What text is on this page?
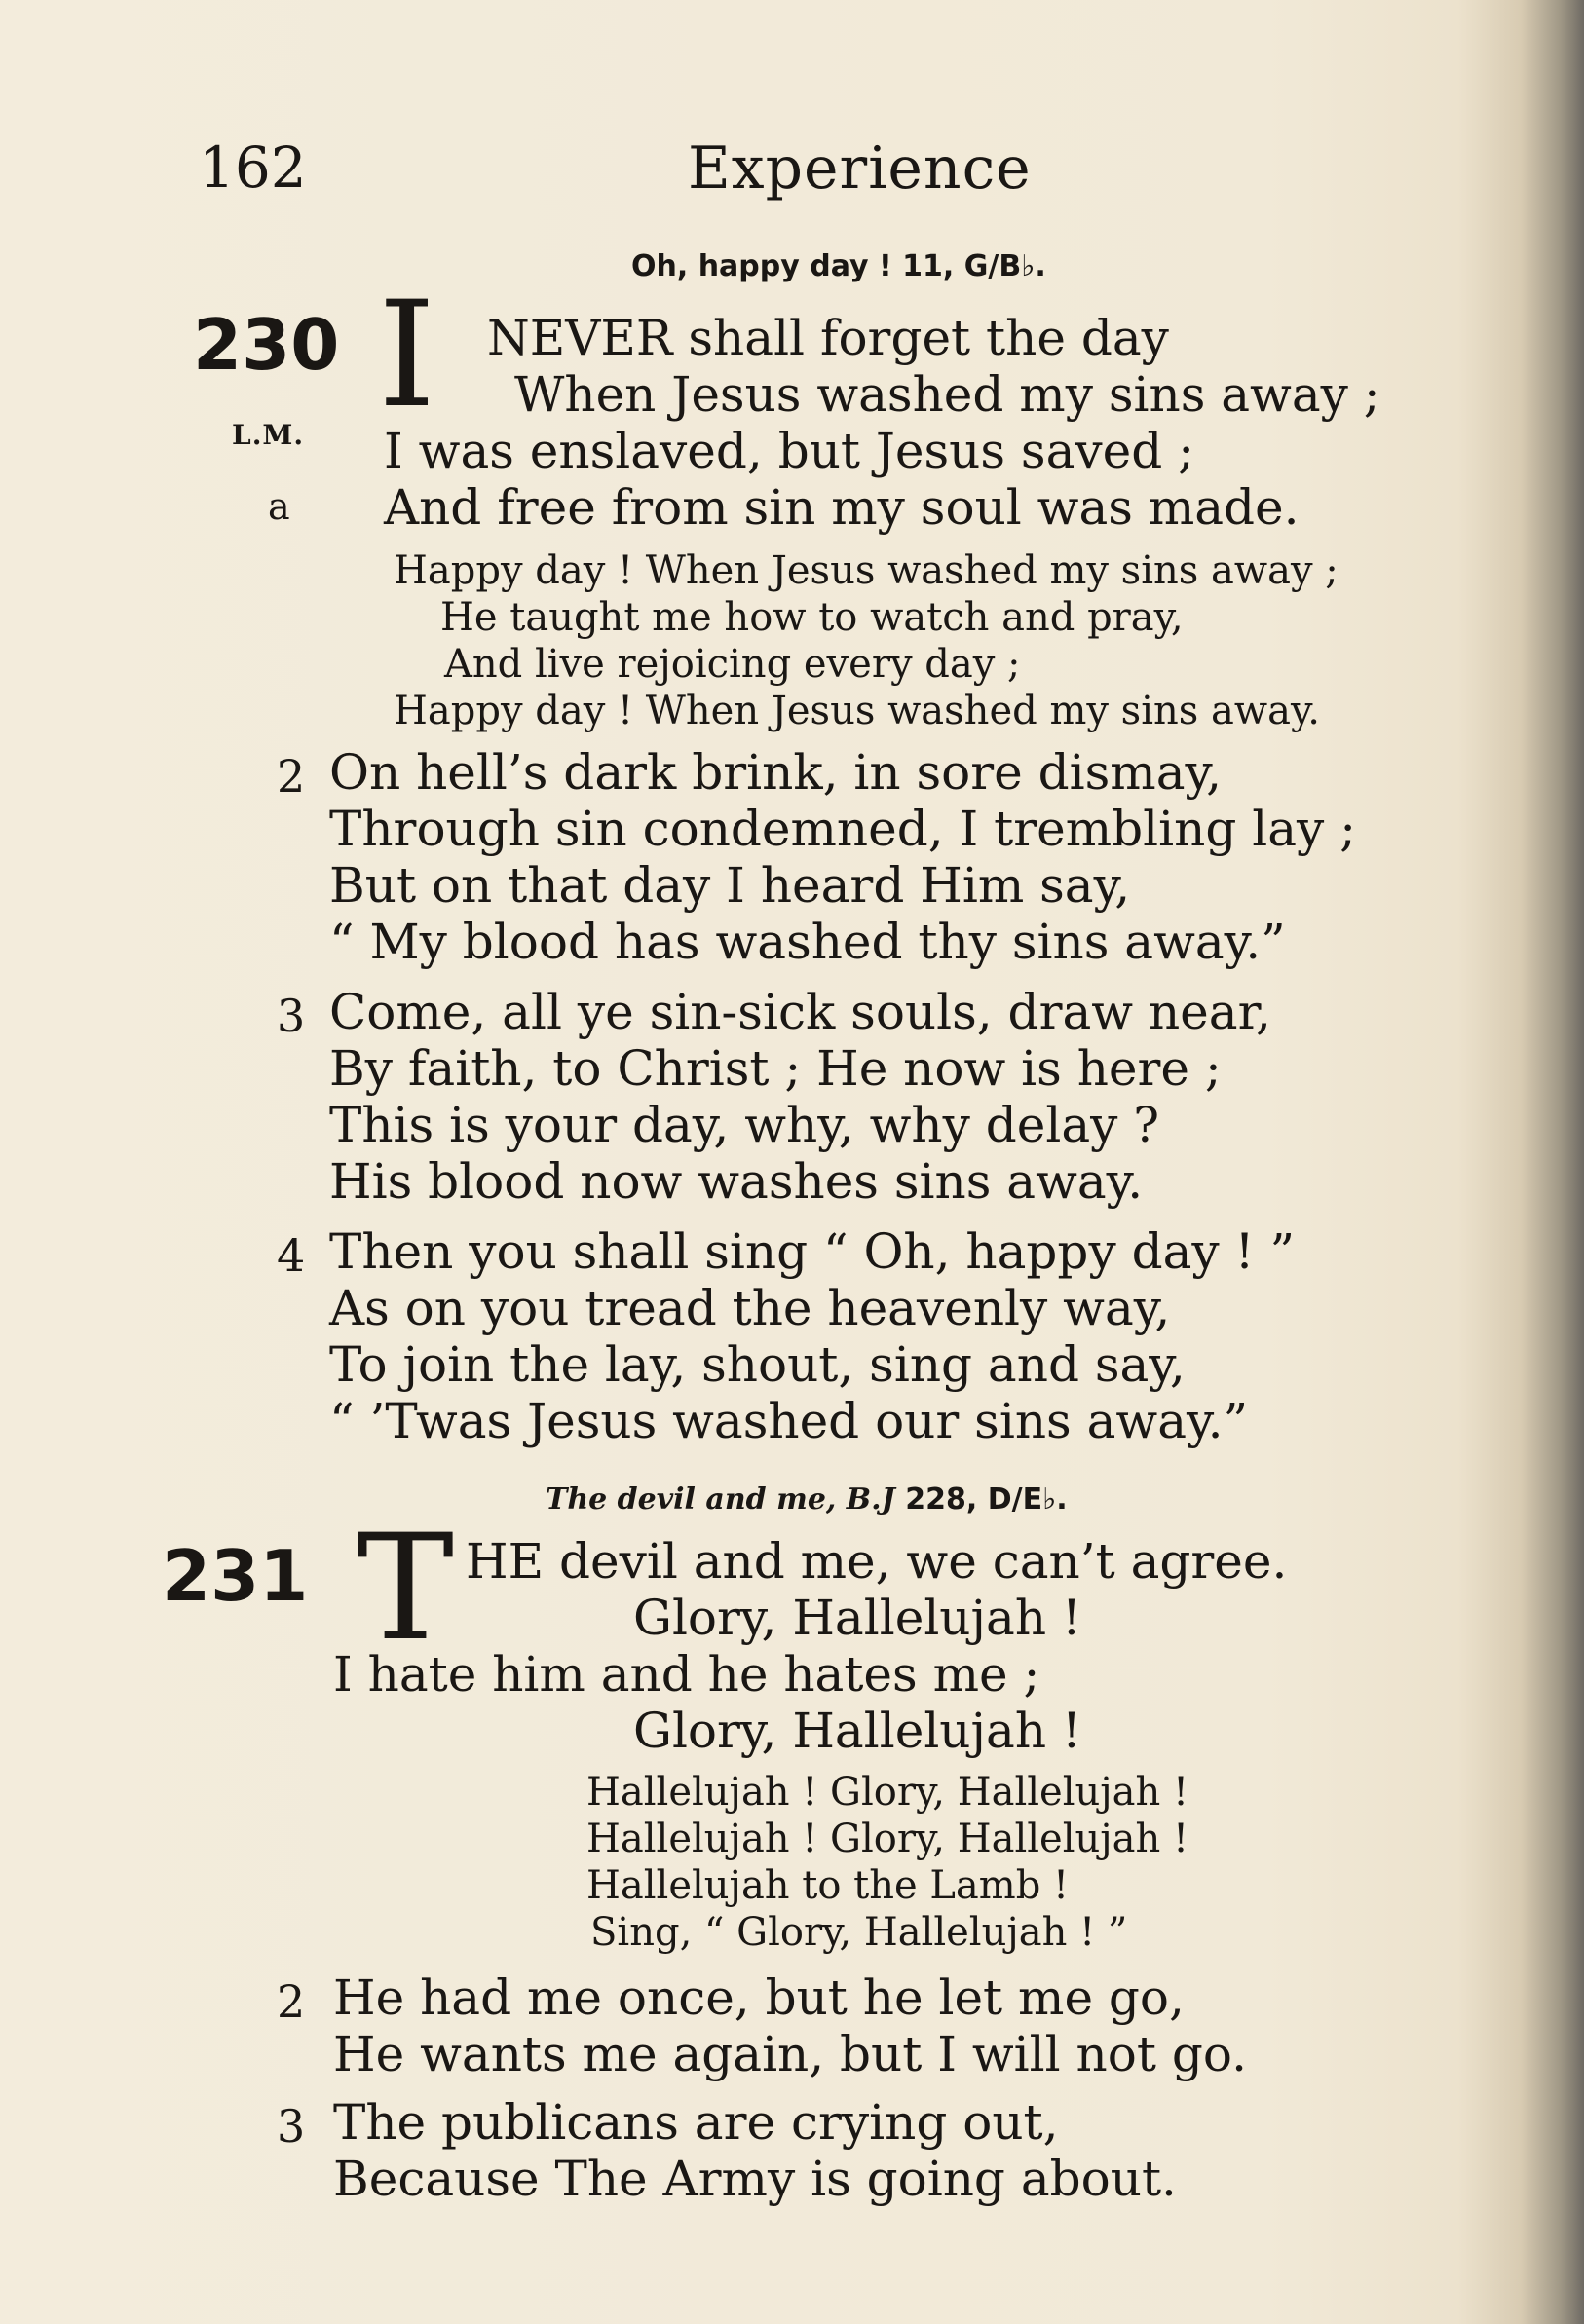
162	Experience
Oh, happy day ! 11, G/B♭.
230
L.M.
a
I NEVER shall forget the day
When Jesus washed my sins away ;
I was enslaved, but Jesus saved ;
And free from sin my soul was made.
Happy day ! When Jesus washed my sins away ;
He taught me how to watch and pray,
And live rejoicing every day ;
Happy day ! When Jesus washed my sins away.
2 On hell’s dark brink, in sore dismay,
Through sin condemned, I trembling lay ;
But on that day I heard Him say,
“ My blood has washed thy sins away.”
3 Come, all ye sin-sick souls, draw near,
By faith, to Christ ; He now is here ;
This is your day, why, why delay ?
His blood now washes sins away.
4 Then you shall sing “ Oh, happy day ! ”
As on you tread the heavenly way,
To join the lay, shout, sing and say,
“ ’Twas Jesus washed our sins away.”
The devil and me, B.J 228, D/E♭.
231 T HE devil and me, we can’t agree.
Glory, Hallelujah !
I hate him and he hates me ;
Glory, Hallelujah !
Hallelujah ! Glory, Hallelujah !
Hallelujah ! Glory, Hallelujah !
Hallelujah to the Lamb !
Sing, “ Glory, Hallelujah ! ”
2 He had me once, but he let me go,
He wants me again, but I will not go.
3 The publicans are crying out,
Because The Army is going about.
